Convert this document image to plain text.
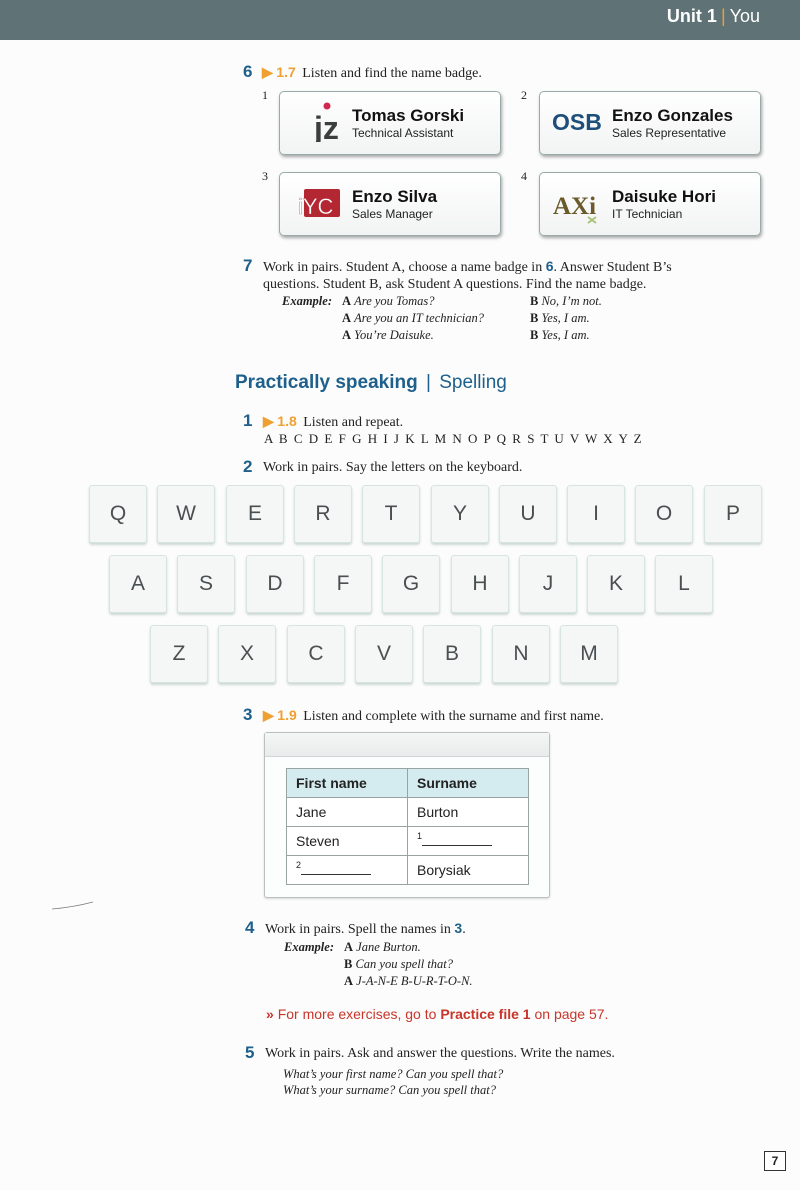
Unit 1 | You
6 ▶ 1.7 Listen and find the name badge.
1
jz Tomas Gorski
Technical Assistant
2
OSB Enzo Gonzales
Sales Representative
3
iYC Enzo Silva
Sales Manager
4
AXi Daisuke Hori
IT Technician
7 Work in pairs. Student A, choose a name badge in 6. Answer Student B’s
questions. Student B, ask Student A questions. Find the name badge.
Example: A Are you Tomas?	B No, I’m not.
A Are you an IT technician?	B Yes, I am.
A You’re Daisuke.	B Yes, I am.
Practically speaking | Spelling
1 ▶ 1.8 Listen and repeat.
A B C D E F G H I J K L M N O P Q R S T U V W X Y Z
2 Work in pairs. Say the letters on the keyboard.
Q	W	E	R	T	Y	U	I	O	P
A	S	D	F	G	H	J	K	L
Z	X	C	V	B	N	M
3 ▶ 1.9 Listen and complete with the surname and first name.
First name	Surname
Jane	Burton
Steven	$^1$
$^2$	Borysiak
4 Work in pairs. Spell the names in 3.
Example: A Jane Burton.
B Can you spell that?
A J-A-N-E B-U-R-T-O-N.
» For more exercises, go to Practice file 1 on page 57.
5 Work in pairs. Ask and answer the questions. Write the names.
What’s your first name? Can you spell that?
What’s your surname? Can you spell that?
7
